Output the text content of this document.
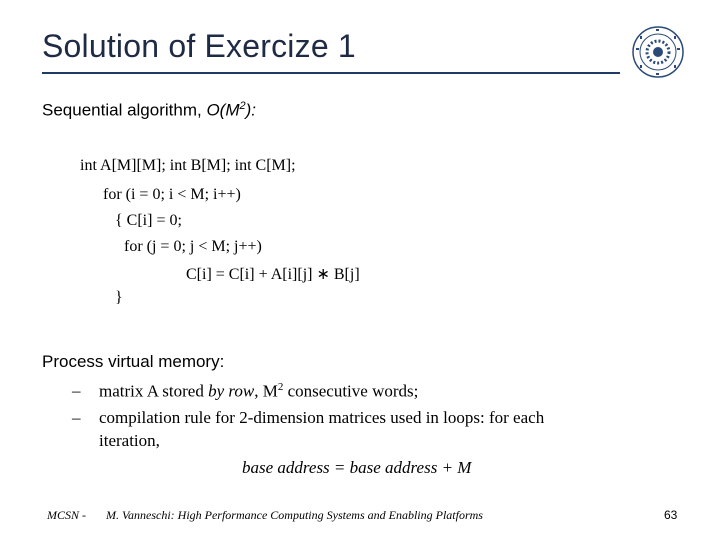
Solution of Exercize 1
Sequential algorithm, $O(M^2)$:
int A[M][M]; int B[M]; int C[M];
for (i = 0; i < M; i++)
{ C[i] = 0;
for (j = 0; j < M; j++)
C[i] = C[i] + A[i][j] ∗ B[j]
}
Process virtual memory:
– matrix A stored by row, $M^2$ consecutive words;
– compilation rule for 2-dimension matrices used in loops: for each
iteration,
base address = base address + M
MCSN - M. Vanneschi: High Performance Computing Systems and Enabling Platforms	63
